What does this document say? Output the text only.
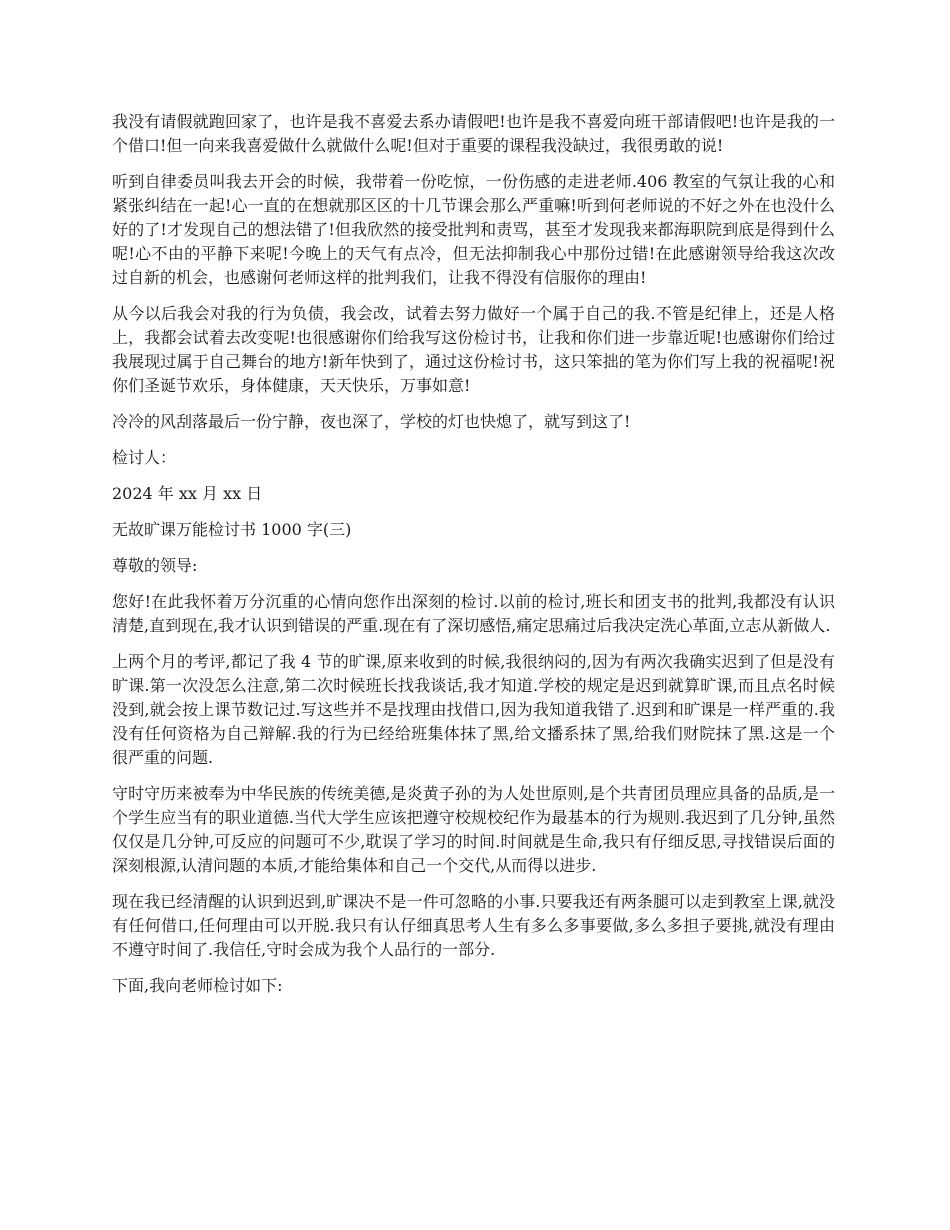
我没有请假就跑回家了，也许是我不喜爱去系办请假吧!也许是我不喜爱向班干部请假吧!也许是我的一个借口!但一向来我喜爱做什么就做什么呢!但对于重要的课程我没缺过，我很勇敢的说!

听到自律委员叫我去开会的时候，我带着一份吃惊，一份伤感的走进老师.406 教室的气氛让我的心和紧张纠结在一起!心一直的在想就那区区的十几节课会那么严重嘛!听到何老师说的不好之外在也没什么好的了!才发现自己的想法错了!但我欣然的接受批判和责骂，甚至才发现我来都海职院到底是得到什么呢!心不由的平静下来呢!今晚上的天气有点冷，但无法抑制我心中那份过错!在此感谢领导给我这次改过自新的机会，也感谢何老师这样的批判我们，让我不得没有信服你的理由!

从今以后我会对我的行为负债，我会改，试着去努力做好一个属于自己的我.不管是纪律上，还是人格上，我都会试着去改变呢!也很感谢你们给我写这份检讨书，让我和你们进一步靠近呢!也感谢你们给过我展现过属于自己舞台的地方!新年快到了，通过这份检讨书，这只笨拙的笔为你们写上我的祝福呢!祝你们圣诞节欢乐，身体健康，天天快乐，万事如意!

冷冷的风刮落最后一份宁静，夜也深了，学校的灯也快熄了，就写到这了!

检讨人：

2024 年 xx 月 xx 日

无故旷课万能检讨书 1000 字(三)

尊敬的领导:

您好!在此我怀着万分沉重的心情向您作出深刻的检讨.以前的检讨,班长和团支书的批判,我都没有认识清楚,直到现在,我才认识到错误的严重.现在有了深切感悟,痛定思痛过后我决定洗心革面,立志从新做人.

上两个月的考评,都记了我 4 节的旷课,原来收到的时候,我很纳闷的,因为有两次我确实迟到了但是没有旷课.第一次没怎么注意,第二次时候班长找我谈话,我才知道.学校的规定是迟到就算旷课,而且点名时候没到,就会按上课节数记过.写这些并不是找理由找借口,因为我知道我错了.迟到和旷课是一样严重的.我没有任何资格为自己辩解.我的行为已经给班集体抹了黑,给文播系抹了黑,给我们财院抹了黑.这是一个很严重的问题.

守时守历来被奉为中华民族的传统美德,是炎黄子孙的为人处世原则,是个共青团员理应具备的品质,是一个学生应当有的职业道德.当代大学生应该把遵守校规校纪作为最基本的行为规则.我迟到了几分钟,虽然仅仅是几分钟,可反应的问题可不少,耽误了学习的时间.时间就是生命,我只有仔细反思,寻找错误后面的深刻根源,认清问题的本质,才能给集体和自己一个交代,从而得以进步.

现在我已经清醒的认识到迟到,旷课决不是一件可忽略的小事.只要我还有两条腿可以走到教室上课,就没有任何借口,任何理由可以开脱.我只有认仔细真思考人生有多么多事要做,多么多担子要挑,就没有理由不遵守时间了.我信任,守时会成为我个人品行的一部分.

下面,我向老师检讨如下:
